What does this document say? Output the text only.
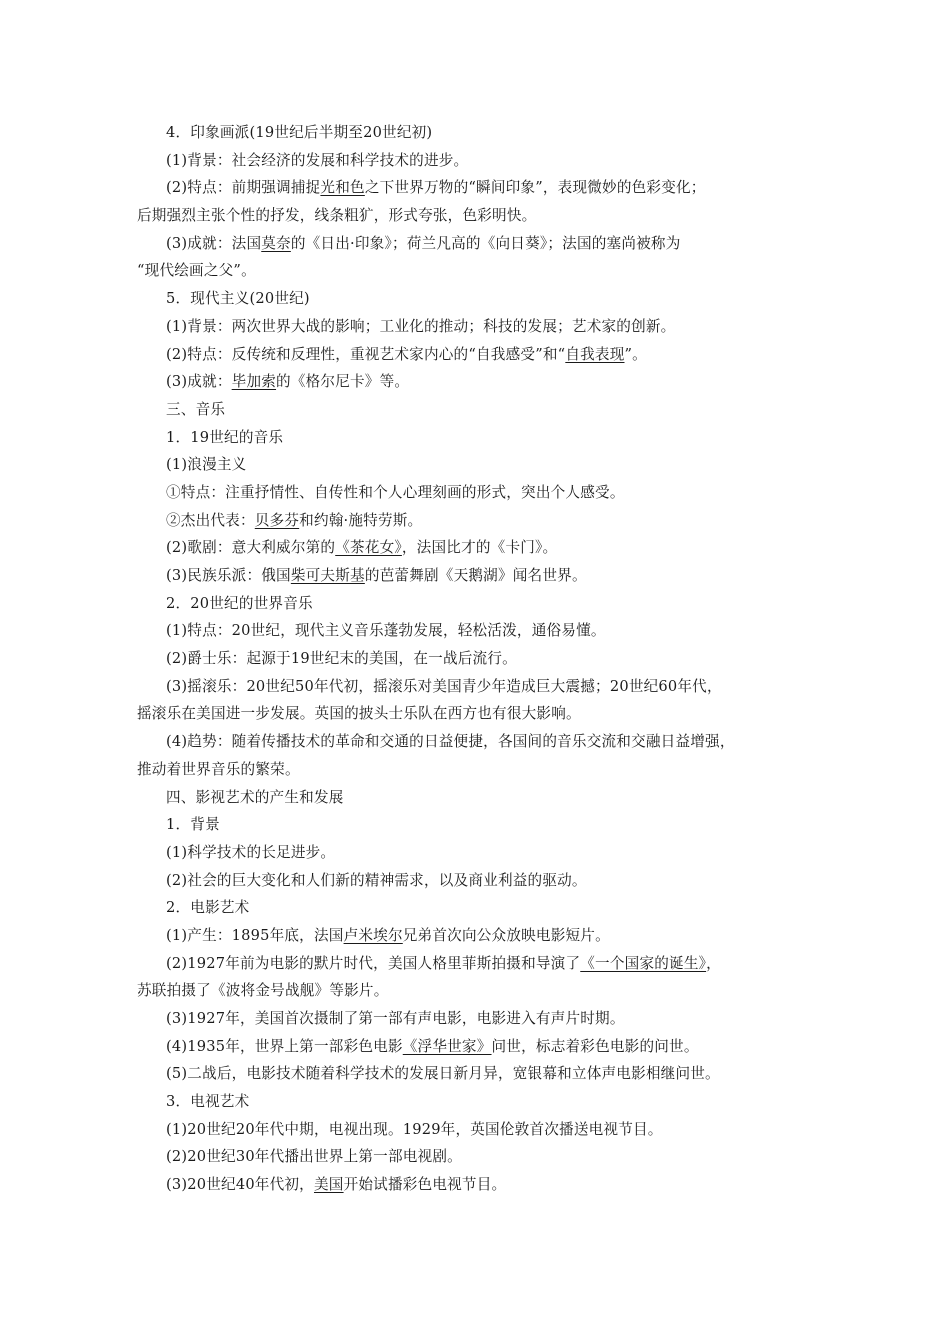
4．印象画派(19世纪后半期至20世纪初)
(1)背景：社会经济的发展和科学技术的进步。
(2)特点：前期强调捕捉光和色之下世界万物的“瞬间印象”，表现微妙的色彩变化；
后期强烈主张个性的抒发，线条粗犷，形式夸张，色彩明快。
(3)成就：法国莫奈的《日出·印象》；荷兰凡高的《向日葵》；法国的塞尚被称为
“现代绘画之父”。
5．现代主义(20世纪)
(1)背景：两次世界大战的影响；工业化的推动；科技的发展；艺术家的创新。
(2)特点：反传统和反理性，重视艺术家内心的“自我感受”和“自我表现”。
(3)成就：毕加索的《格尔尼卡》等。
三、音乐
1．19世纪的音乐
(1)浪漫主义
①特点：注重抒情性、自传性和个人心理刻画的形式，突出个人感受。
②杰出代表：贝多芬和约翰·施特劳斯。
(2)歌剧：意大利威尔第的《茶花女》，法国比才的《卡门》。
(3)民族乐派：俄国柴可夫斯基的芭蕾舞剧《天鹅湖》闻名世界。
2．20世纪的世界音乐
(1)特点：20世纪，现代主义音乐蓬勃发展，轻松活泼，通俗易懂。
(2)爵士乐：起源于19世纪末的美国，在一战后流行。
(3)摇滚乐：20世纪50年代初，摇滚乐对美国青少年造成巨大震撼；20世纪60年代，
摇滚乐在美国进一步发展。英国的披头士乐队在西方也有很大影响。
(4)趋势：随着传播技术的革命和交通的日益便捷，各国间的音乐交流和交融日益增强，
推动着世界音乐的繁荣。
四、影视艺术的产生和发展
1．背景
(1)科学技术的长足进步。
(2)社会的巨大变化和人们新的精神需求，以及商业利益的驱动。
2．电影艺术
(1)产生：1895年底，法国卢米埃尔兄弟首次向公众放映电影短片。
(2)1927年前为电影的默片时代，美国人格里菲斯拍摄和导演了《一个国家的诞生》，
苏联拍摄了《波将金号战舰》等影片。
(3)1927年，美国首次摄制了第一部有声电影，电影进入有声片时期。
(4)1935年，世界上第一部彩色电影《浮华世家》问世，标志着彩色电影的问世。
(5)二战后，电影技术随着科学技术的发展日新月异，宽银幕和立体声电影相继问世。
3．电视艺术
(1)20世纪20年代中期，电视出现。1929年，英国伦敦首次播送电视节目。
(2)20世纪30年代播出世界上第一部电视剧。
(3)20世纪40年代初，美国开始试播彩色电视节目。
